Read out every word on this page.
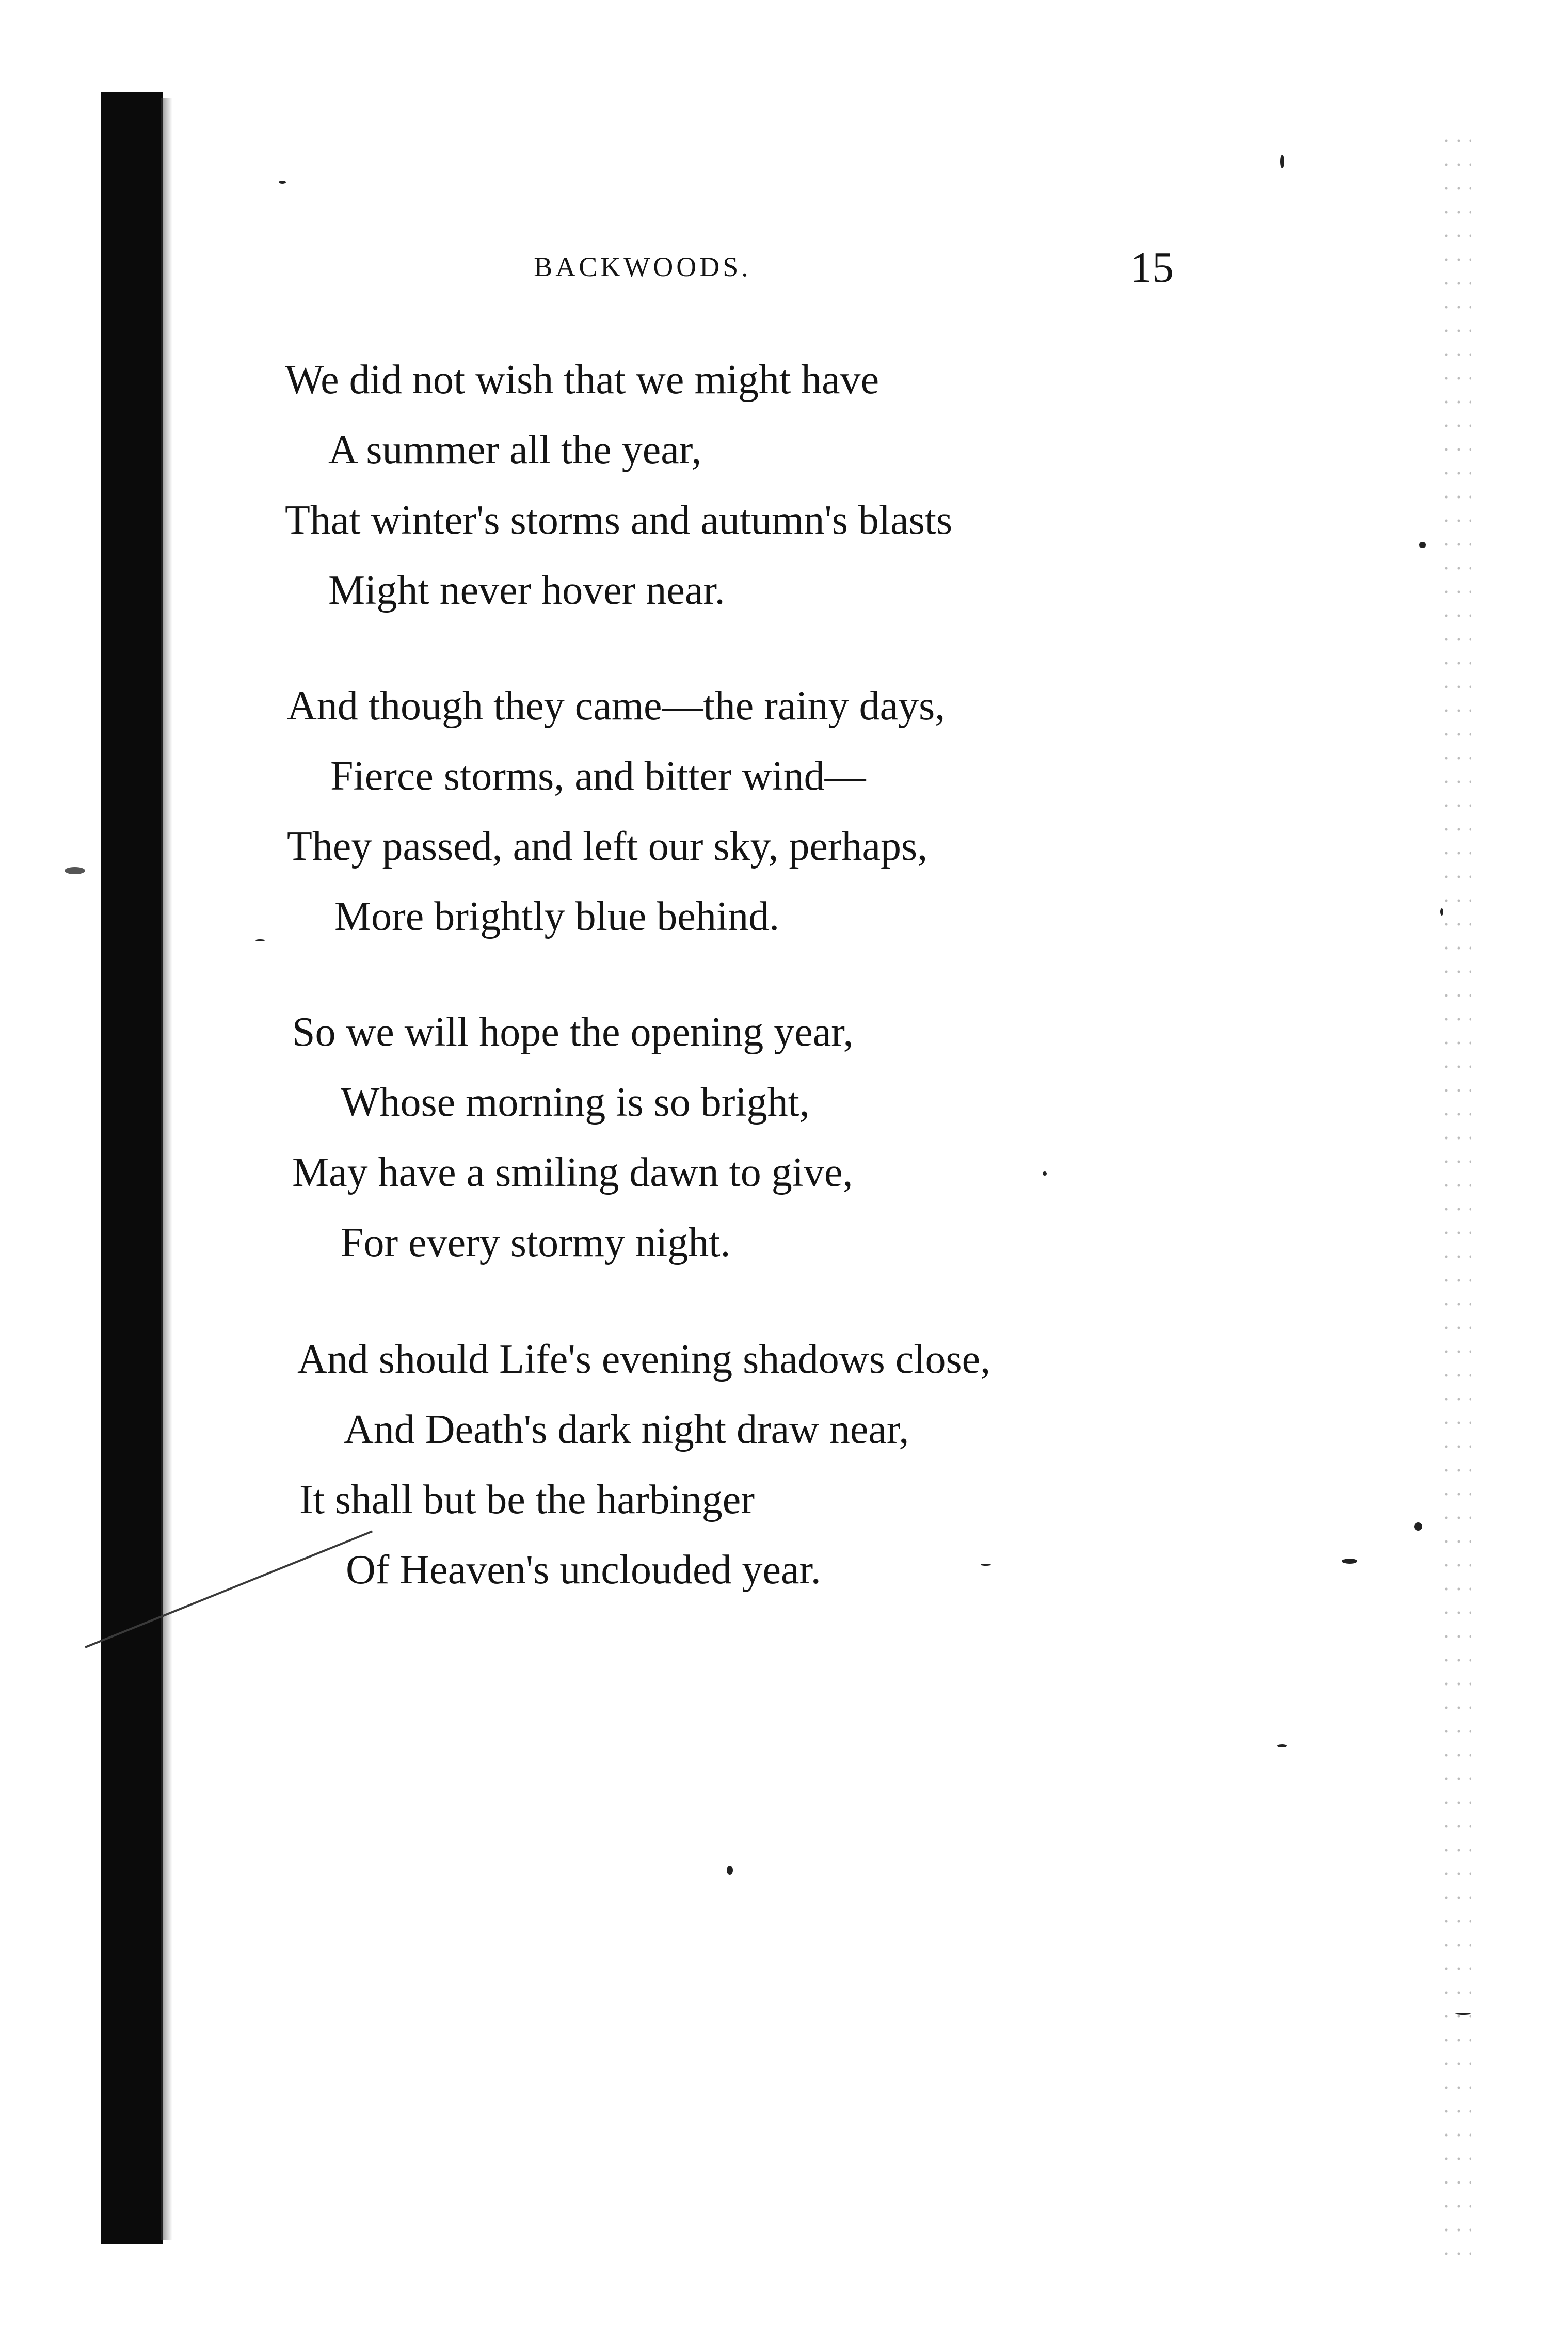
BACKWOODS.	15
We did not wish that we might have
A summer all the year,
That winter's storms and autumn's blasts
Might never hover near.
And though they came—the rainy days,
Fierce storms, and bitter wind—
They passed, and left our sky, perhaps,
More brightly blue behind.
So we will hope the opening year,
Whose morning is so bright,
May have a smiling dawn to give,
For every stormy night.
And should Life's evening shadows close,
And Death's dark night draw near,
It shall but be the harbinger
Of Heaven's unclouded year.
